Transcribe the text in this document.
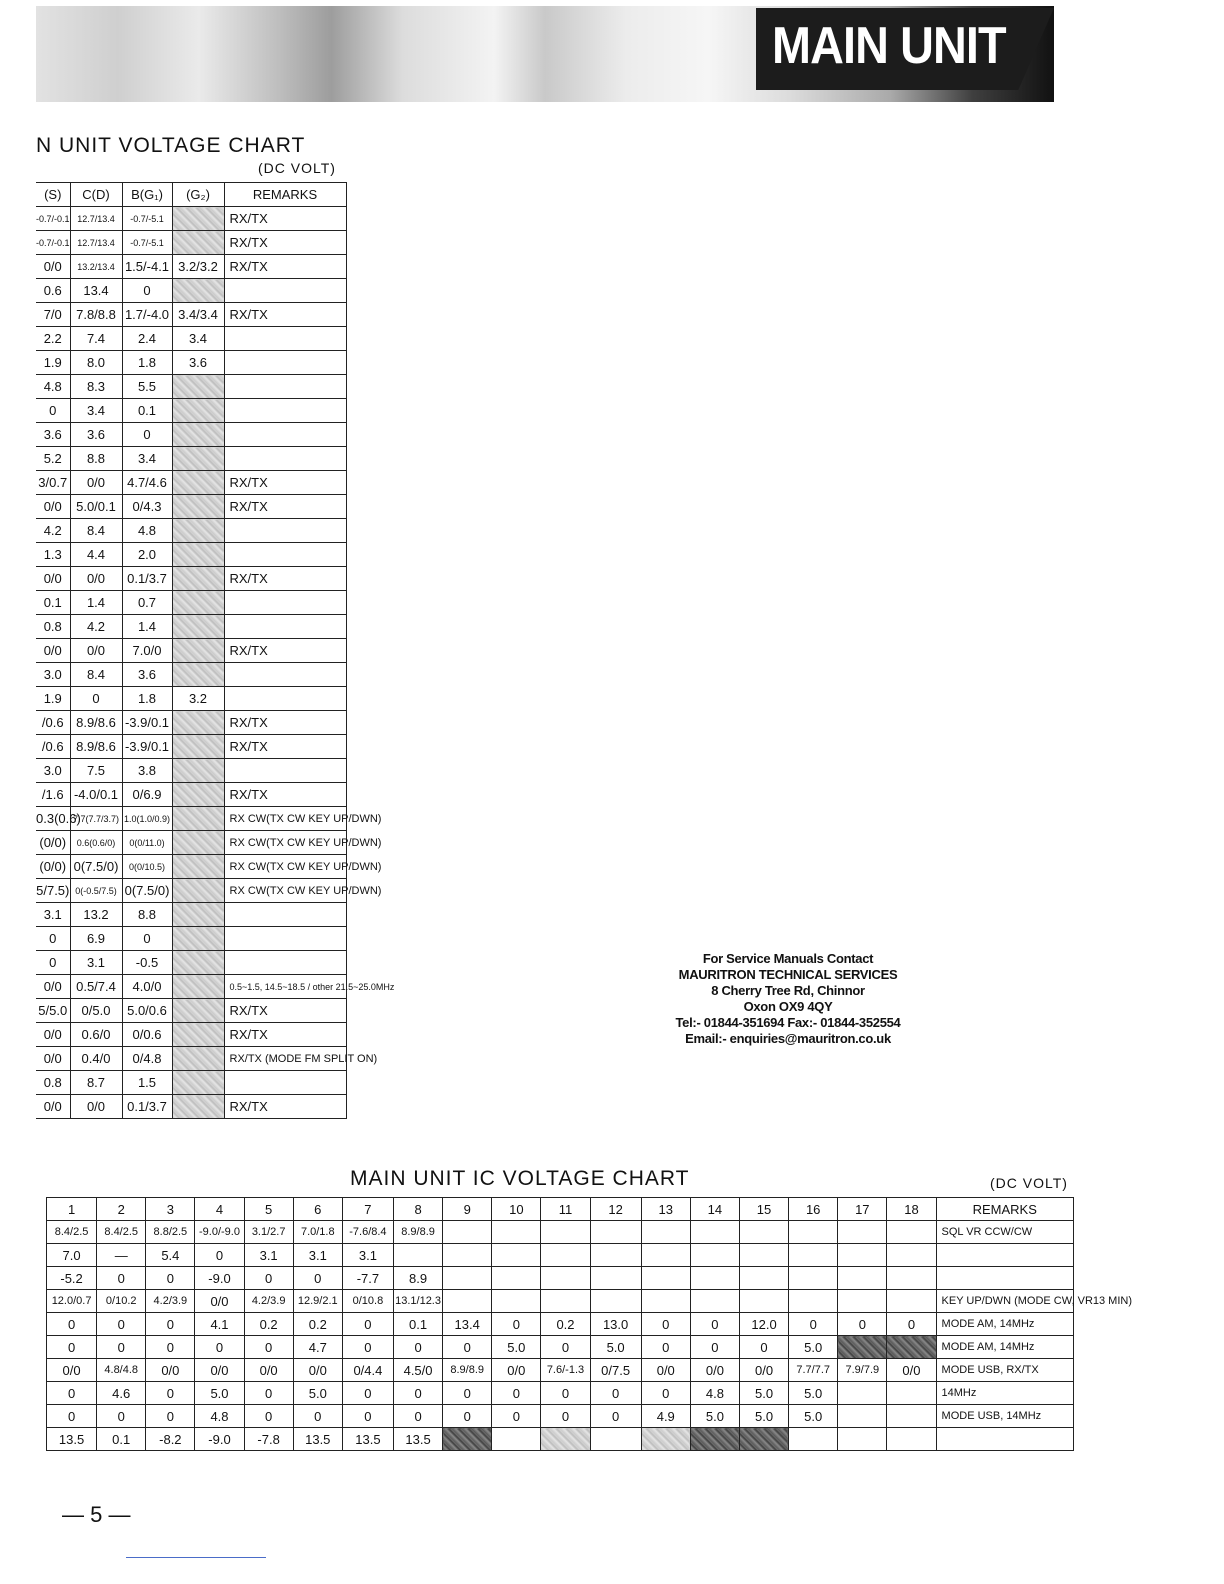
MAIN UNIT
N UNIT VOLTAGE CHART
(DC VOLT)
(S)	C(D)	B(G₁)	(G₂)	REMARKS
-0.7/-0.1	12.7/13.4	-0.7/-5.1		RX/TX
-0.7/-0.1	12.7/13.4	-0.7/-5.1		RX/TX
0/0	13.2/13.4	1.5/-4.1	3.2/3.2	RX/TX
0.6	13.4	0		
7/0	7.8/8.8	1.7/-4.0	3.4/3.4	RX/TX
2.2	7.4	2.4	3.4	
1.9	8.0	1.8	3.6	
4.8	8.3	5.5		
0	3.4	0.1		
3.6	3.6	0		
5.2	8.8	3.4		
3/0.7	0/0	4.7/4.6		RX/TX
0/0	5.0/0.1	0/4.3		RX/TX
4.2	8.4	4.8		
1.3	4.4	2.0		
0/0	0/0	0.1/3.7		RX/TX
0.1	1.4	0.7		
0.8	4.2	1.4		
0/0	0/0	7.0/0		RX/TX
3.0	8.4	3.6		
1.9	0	1.8	3.2	
/0.6	8.9/8.6	-3.9/0.1		RX/TX
/0.6	8.9/8.6	-3.9/0.1		RX/TX
3.0	7.5	3.8		
/1.6	-4.0/0.1	0/6.9		RX/TX
0.3(0.6)	7.7(7.7/3.7)	1.0(1.0/0.9)		RX CW(TX CW KEY UP/DWN)
(0/0)	0.6(0.6/0)	0(0/11.0)		RX CW(TX CW KEY UP/DWN)
(0/0)	0(7.5/0)	0(0/10.5)		RX CW(TX CW KEY UP/DWN)
5/7.5)	0(-0.5/7.5)	0(7.5/0)		RX CW(TX CW KEY UP/DWN)
3.1	13.2	8.8		
0	6.9	0		
0	3.1	-0.5		
0/0	0.5/7.4	4.0/0		0.5~1.5, 14.5~18.5 / other 21.5~25.0MHz
5/5.0	0/5.0	5.0/0.6		RX/TX
0/0	0.6/0	0/0.6		RX/TX
0/0	0.4/0	0/4.8		RX/TX (MODE FM SPLIT ON)
0.8	8.7	1.5		
0/0	0/0	0.1/3.7		RX/TX
For Service Manuals Contact
MAURITRON TECHNICAL SERVICES
8 Cherry Tree Rd, Chinnor
Oxon OX9 4QY
Tel:- 01844-351694 Fax:- 01844-352554
Email:- enquiries@mauritron.co.uk
MAIN UNIT IC VOLTAGE CHART	(DC VOLT)
1	2	3	4	5	6	7	8	9	10	11	12	13	14	15	16	17	18	REMARKS
8.4/2.5	8.4/2.5	8.8/2.5	-9.0/-9.0	3.1/2.7	7.0/1.8	-7.6/8.4	8.9/8.9											SQL VR CCW/CW
7.0	—	5.4	0	3.1	3.1	3.1												
-5.2	0	0	-9.0	0	0	-7.7	8.9											
12.0/0.7	0/10.2	4.2/3.9	0/0	4.2/3.9	12.9/2.1	0/10.8	13.1/12.3											KEY UP/DWN (MODE CW, VR13 MIN)
0	0	0	4.1	0.2	0.2	0	0.1	13.4	0	0.2	13.0	0	0	12.0	0	0	0	MODE AM, 14MHz
0	0	0	0	0	4.7	0	0	0	5.0	0	5.0	0	0	0	5.0			MODE AM, 14MHz
0/0	4.8/4.8	0/0	0/0	0/0	0/0	0/4.4	4.5/0	8.9/8.9	0/0	7.6/-1.3	0/7.5	0/0	0/0	0/0	7.7/7.7	7.9/7.9	0/0	MODE USB, RX/TX
0	4.6	0	5.0	0	5.0	0	0	0	0	0	0	0	4.8	5.0	5.0			14MHz
0	0	0	4.8	0	0	0	0	0	0	0	0	4.9	5.0	5.0	5.0			MODE USB, 14MHz
13.5	0.1	-8.2	-9.0	-7.8	13.5	13.5	13.5											
— 5 —
